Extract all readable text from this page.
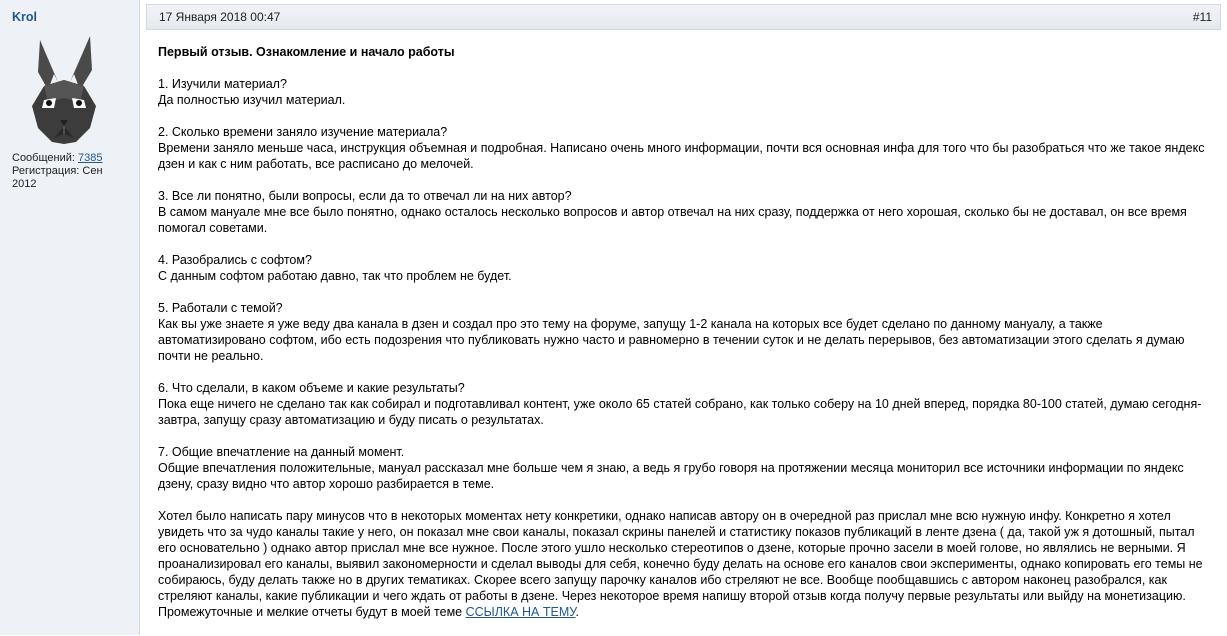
Krol
Сообщений: 7385
Регистрация: Сен 2012
17 Января 2018 00:47	#11

Первый отзыв. Ознакомление и начало работы

1. Изучили материал?
Да полностью изучил материал.

2. Сколько времени заняло изучение материала?
Времени заняло меньше часа, инструкция объемная и подробная. Написано очень много информации, почти вся основная инфа для того что бы разобраться что же такое яндекс дзен и как с ним работать, все расписано до мелочей.

3. Все ли понятно, были вопросы, если да то отвечал ли на них автор?
В самом мануале мне все было понятно, однако осталось несколько вопросов и автор отвечал на них сразу, поддержка от него хорошая, сколько бы не доставал, он все время помогал советами.

4. Разобрались с софтом?
С данным софтом работаю давно, так что проблем не будет.

5. Работали с темой?
Как вы уже знаете я уже веду два канала в дзен и создал про это тему на форуме, запущу 1-2 канала на которых все будет сделано по данному мануалу, а также автоматизировано софтом, ибо есть подозрения что публиковать нужно часто и равномерно в течении суток и не делать перерывов, без автоматизации этого сделать я думаю почти не реально.

6. Что сделали, в каком объеме и какие результаты?
Пока еще ничего не сделано так как собирал и подготавливал контент, уже около 65 статей собрано, как только соберу на 10 дней вперед, порядка 80-100 статей, думаю сегодня-завтра, запущу сразу автоматизацию и буду писать о результатах.

7. Общие впечатление на данный момент.
Общие впечатления положительные, мануал рассказал мне больше чем я знаю, а ведь я грубо говоря на протяжении месяца мониторил все источники информации по яндекс дзену, сразу видно что автор хорошо разбирается в теме.

Хотел было написать пару минусов что в некоторых моментах нету конкретики, однако написав автору он в очередной раз прислал мне всю нужную инфу. Конкретно я хотел увидеть что за чудо каналы такие у него, он показал мне свои каналы, показал скрины панелей и статистику показов публикаций в ленте дзена ( да, такой уж я дотошный, пытал его основательно ) однако автор прислал мне все нужное. После этого ушло несколько стереотипов о дзене, которые прочно засели в моей голове, но являлись не верными. Я проанализировал его каналы, выявил закономерности и сделал выводы для себя, конечно буду делать на основе его каналов свои эксперименты, однако копировать его темы не собираюсь, буду делать также но в других тематиках. Скорее всего запущу парочку каналов ибо стреляют не все. Вообще пообщавшись с автором наконец разобрался, как стреляют каналы, какие публикации и чего ждать от работы в дзене. Через некоторое время напишу второй отзыв когда получу первые результаты или выйду на монетизацию. Промежуточные и мелкие отчеты будут в моей теме ССЫЛКА НА ТЕМУ.
